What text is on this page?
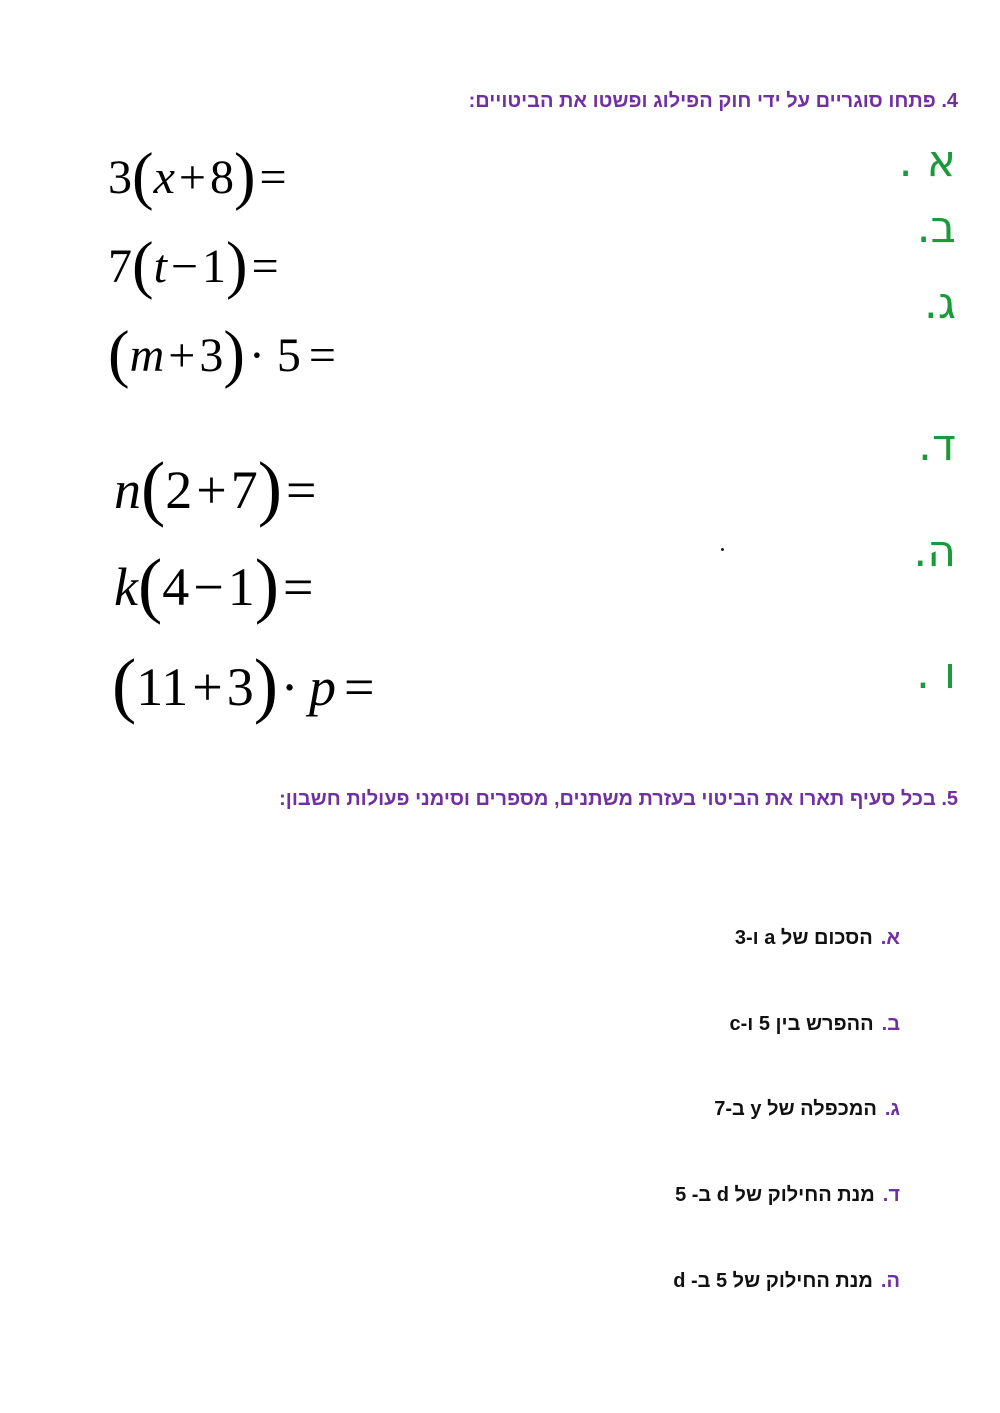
4. פתחו סוגריים על ידי חוק הפילוג ופשטו את הביטויים:
3(x+8)=
7(t−1)=
(m+3)· 5 =
n(2+7)=
k(4−1)=
(11+3)· p =
א .
ב.
ג.
ד.
ה.
ו .
5. בכל סעיף תארו את הביטוי בעזרת משתנים, מספרים וסימני פעולות חשבון:
א.הסכום של a ו-3
ב.ההפרש בין 5 ו-c
ג.המכפלה של y ב-7
ד.מנת החילוק של d ב- 5
ה.מנת החילוק של 5 ב- d
